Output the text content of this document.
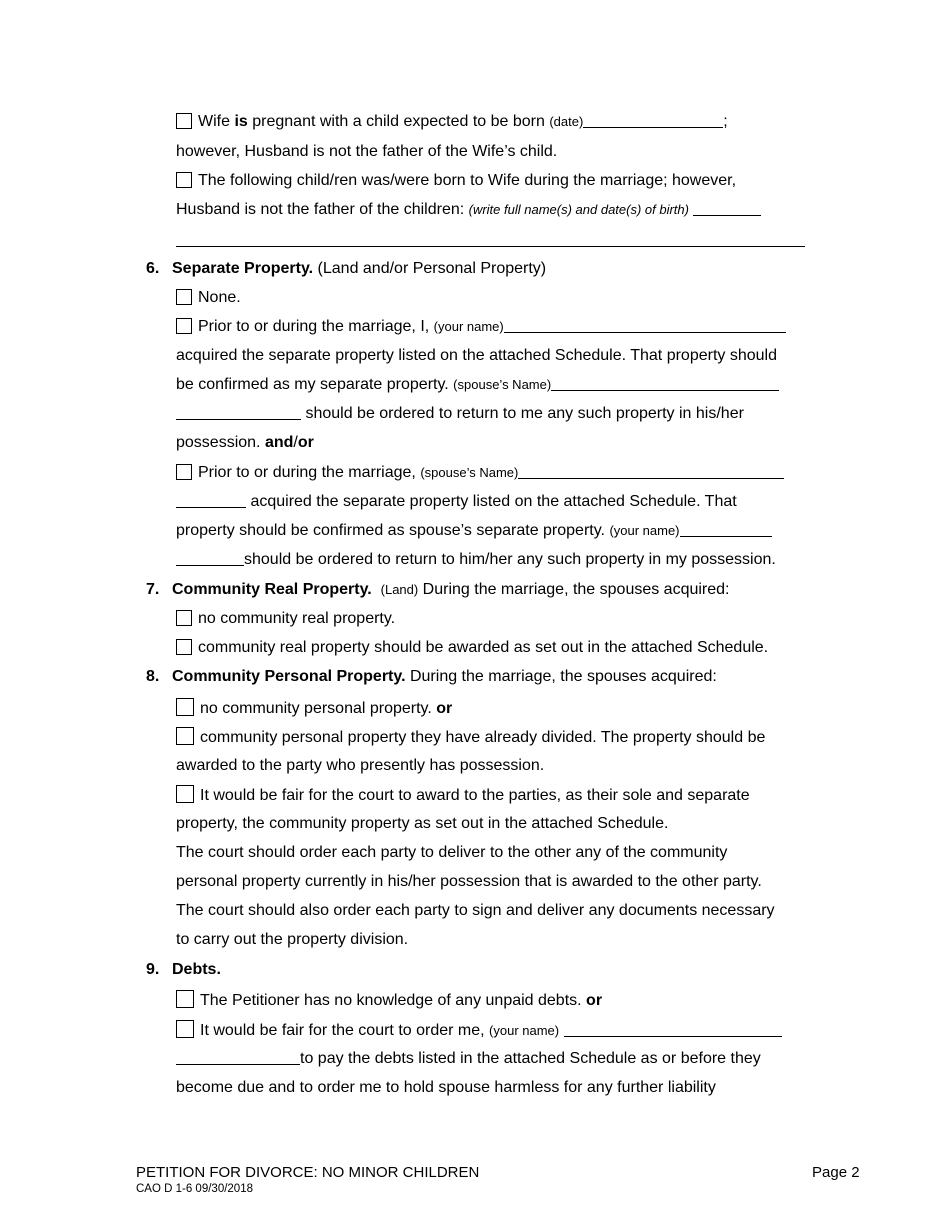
Wife is pregnant with a child expected to be born (date)	;
however, Husband is not the father of the Wife’s child.
The following child/ren was/were born to Wife during the marriage; however,
Husband is not the father of the children: (write full name(s) and date(s) of birth)
6. Separate Property. (Land and/or Personal Property)
None.
Prior to or during the marriage, I, (your name)
acquired the separate property listed on the attached Schedule. That property should
be confirmed as my separate property. (spouse’s Name)
should be ordered to return to me any such property in his/her
possession. and/or
Prior to or during the marriage, (spouse’s Name)
acquired the separate property listed on the attached Schedule. That
property should be confirmed as spouse’s separate property. (your name)
should be ordered to return to him/her any such property in my possession.
7. Community Real Property. (Land) During the marriage, the spouses acquired:
no community real property.
community real property should be awarded as set out in the attached Schedule.
8. Community Personal Property. During the marriage, the spouses acquired:
no community personal property. or
community personal property they have already divided. The property should be
awarded to the party who presently has possession.
It would be fair for the court to award to the parties, as their sole and separate
property, the community property as set out in the attached Schedule.
The court should order each party to deliver to the other any of the community
personal property currently in his/her possession that is awarded to the other party.
The court should also order each party to sign and deliver any documents necessary
to carry out the property division.
9. Debts.
The Petitioner has no knowledge of any unpaid debts. or
It would be fair for the court to order me, (your name)
to pay the debts listed in the attached Schedule as or before they
become due and to order me to hold spouse harmless for any further liability
PETITION FOR DIVORCE: NO MINOR CHILDREN
CAO D 1-6 09/30/2018
Page 2
